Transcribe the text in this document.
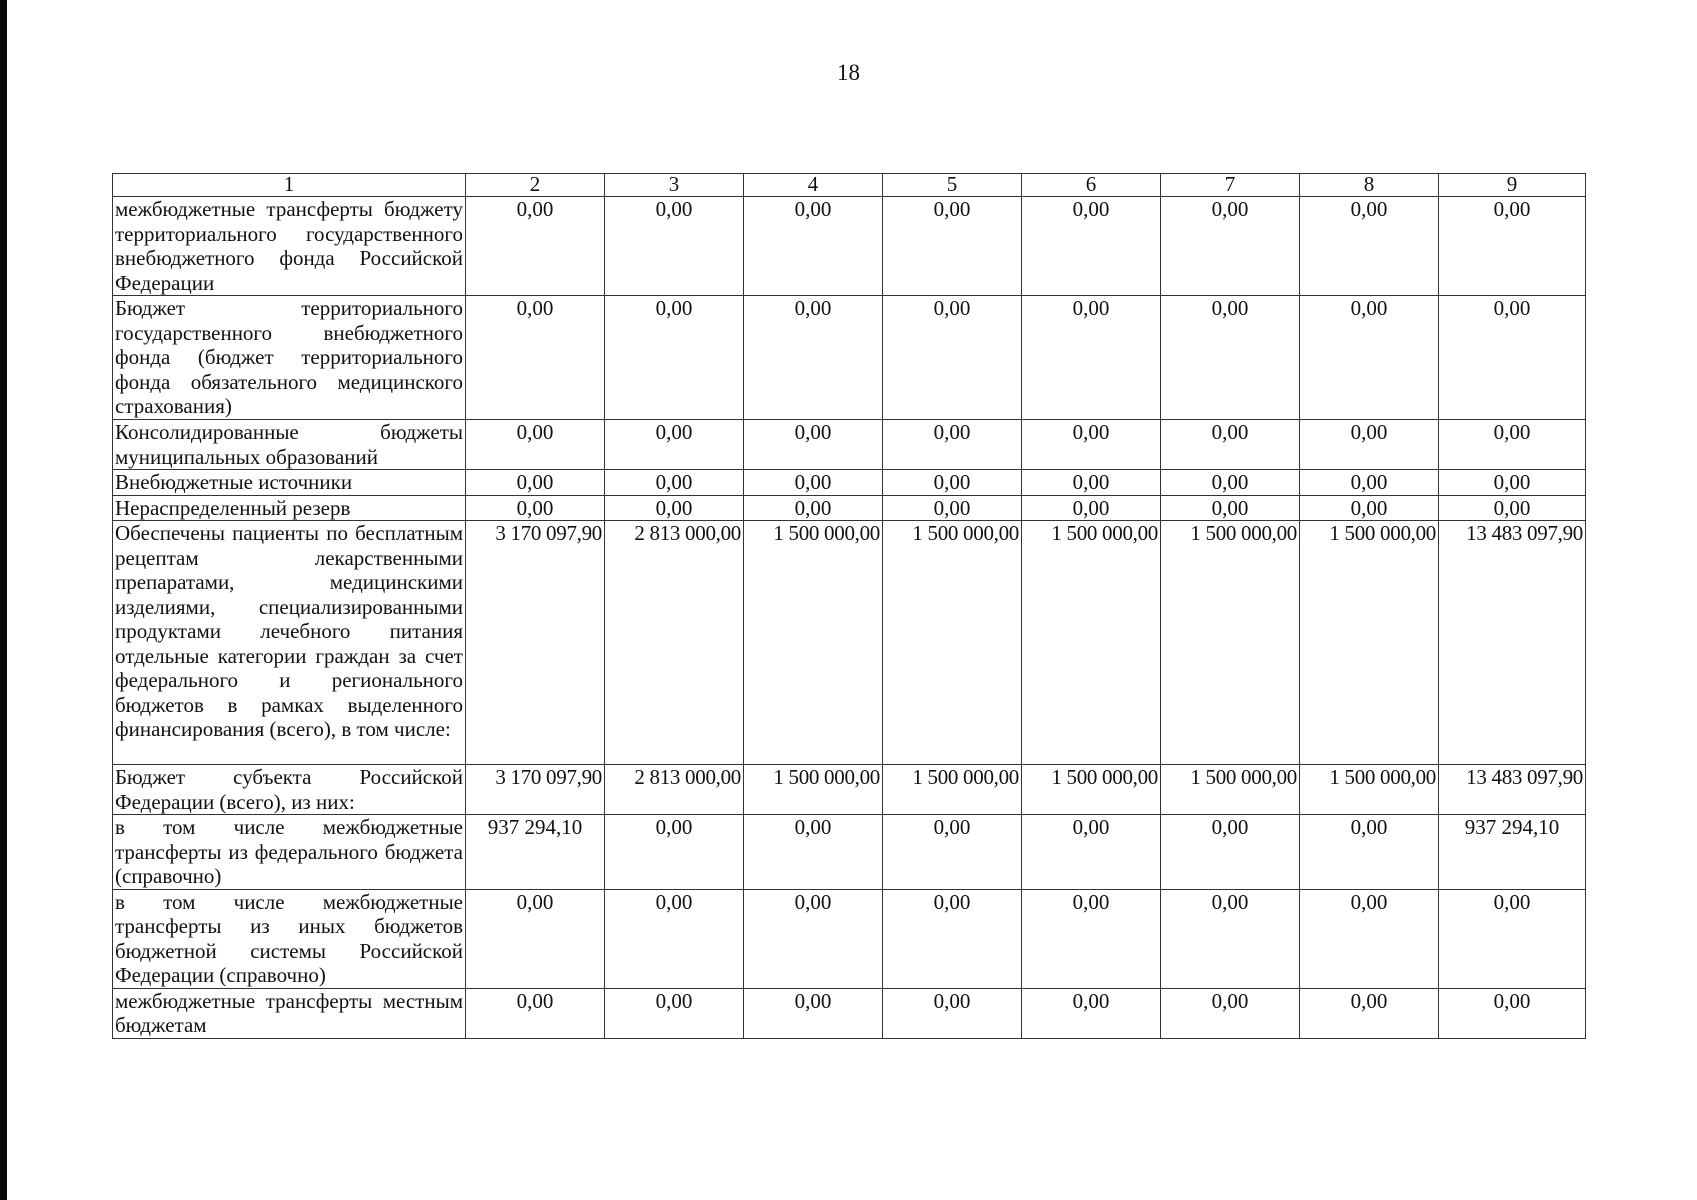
18
1	2	3	4	5	6	7	8	9
межбюджетные трансферты бюджету территориального государственного внебюджетного фонда Российской Федерации	0,00	0,00	0,00	0,00	0,00	0,00	0,00	0,00
Бюджет территориального государственного внебюджетного фонда (бюджет территориального фонда обязательного медицинского страхования)	0,00	0,00	0,00	0,00	0,00	0,00	0,00	0,00
Консолидированные бюджеты муниципальных образований	0,00	0,00	0,00	0,00	0,00	0,00	0,00	0,00
Внебюджетные источники	0,00	0,00	0,00	0,00	0,00	0,00	0,00	0,00
Нераспределенный резерв	0,00	0,00	0,00	0,00	0,00	0,00	0,00	0,00
Обеспечены пациенты по бесплатным рецептам лекарственными препаратами, медицинскими изделиями, специализированными продуктами лечебного питания отдельные категории граждан за счет федерального и регионального бюджетов в рамках выделенного финансирования (всего), в том числе:	3 170 097,90	2 813 000,00	1 500 000,00	1 500 000,00	1 500 000,00	1 500 000,00	1 500 000,00	13 483 097,90
Бюджет субъекта Российской Федерации (всего), из них:	3 170 097,90	2 813 000,00	1 500 000,00	1 500 000,00	1 500 000,00	1 500 000,00	1 500 000,00	13 483 097,90
в том числе межбюджетные трансферты из федерального бюджета (справочно)	937 294,10	0,00	0,00	0,00	0,00	0,00	0,00	937 294,10
в том числе межбюджетные трансферты из иных бюджетов бюджетной системы Российской Федерации (справочно)	0,00	0,00	0,00	0,00	0,00	0,00	0,00	0,00
межбюджетные трансферты местным бюджетам	0,00	0,00	0,00	0,00	0,00	0,00	0,00	0,00
